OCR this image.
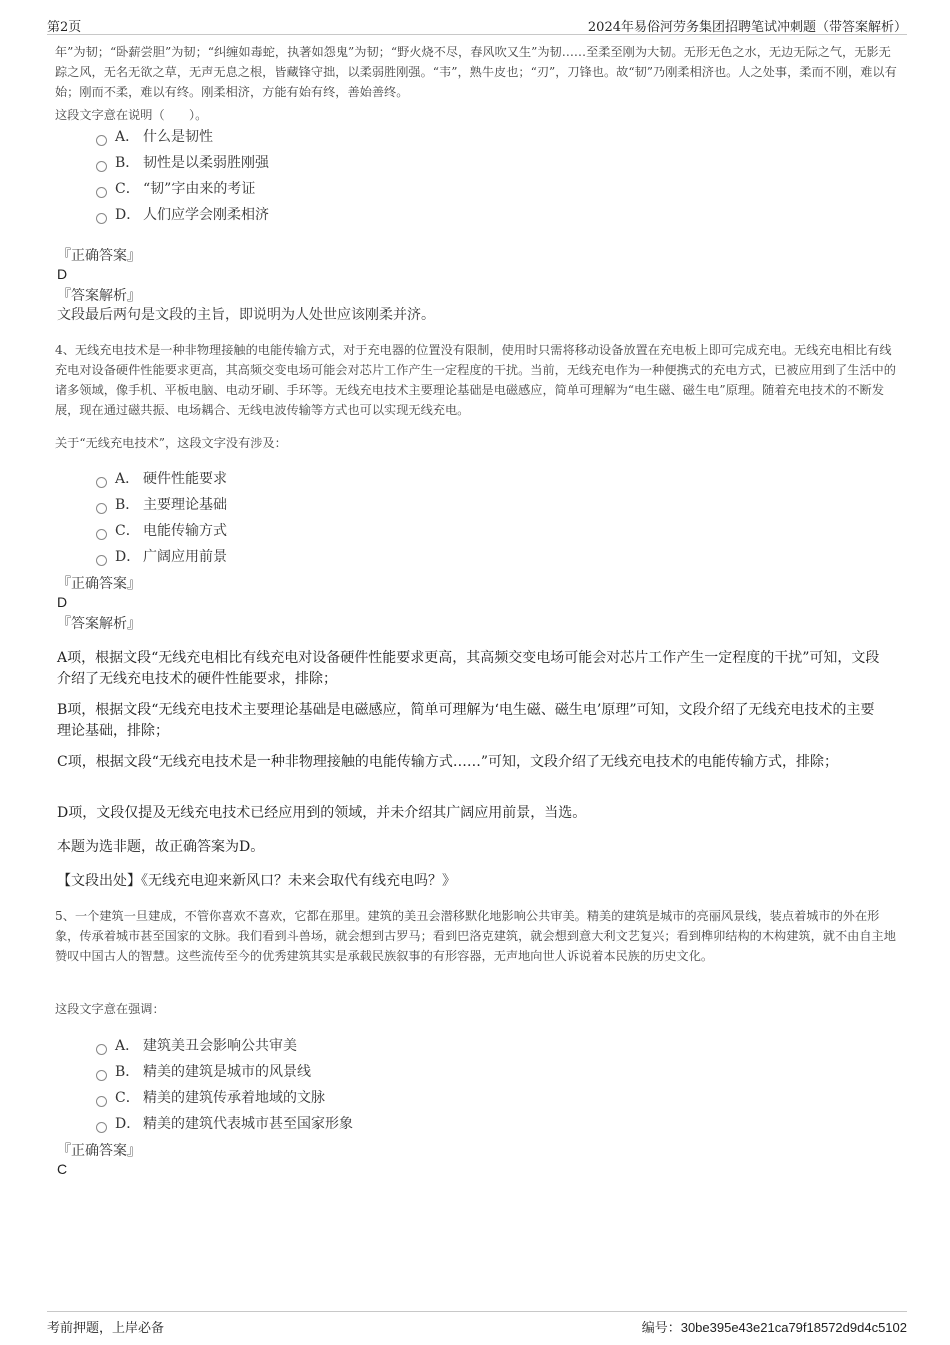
第2页	2024年易俗河劳务集团招聘笔试冲刺题（带答案解析）

年”为韧；“卧薪尝胆”为韧；“纠缠如毒蛇，执著如怨鬼”为韧；“野火烧不尽，春风吹又生”为韧……至柔至刚为大韧。无形无色之水，无边无际之气，无影无踪之风，无名无欲之草，无声无息之根，皆藏锋守拙，以柔弱胜刚强。“韦”，熟牛皮也；“刃”，刀锋也。故“韧”乃刚柔相济也。人之处事，柔而不刚，难以有始；刚而不柔，难以有终。刚柔相济，方能有始有终，善始善终。

这段文字意在说明（　　）。

A． 什么是韧性
B． 韧性是以柔弱胜刚强
C． “韧”字由来的考证
D． 人们应学会刚柔相济
『正确答案』
D
『答案解析』
文段最后两句是文段的主旨，即说明为人处世应该刚柔并济。

4、无线充电技术是一种非物理接触的电能传输方式，对于充电器的位置没有限制，使用时只需将移动设备放置在充电板上即可完成充电。无线充电相比有线充电对设备硬件性能要求更高，其高频交变电场可能会对芯片工作产生一定程度的干扰。当前，无线充电作为一种便携式的充电方式，已被应用到了生活中的诸多领域，像手机、平板电脑、电动牙刷、手环等。无线充电技术主要理论基础是电磁感应，简单可理解为“电生磁、磁生电”原理。随着充电技术的不断发展，现在通过磁共振、电场耦合、无线电波传输等方式也可以实现无线充电。

关于“无线充电技术”，这段文字没有涉及：

A． 硬件性能要求
B． 主要理论基础
C． 电能传输方式
D． 广阔应用前景
『正确答案』
D
『答案解析』

A项，根据文段“无线充电相比有线充电对设备硬件性能要求更高，其高频交变电场可能会对芯片工作产生一定程度的干扰”可知，文段介绍了无线充电技术的硬件性能要求，排除；

B项，根据文段“无线充电技术主要理论基础是电磁感应，简单可理解为‘电生磁、磁生电’原理”可知，文段介绍了无线充电技术的主要理论基础，排除；

C项，根据文段“无线充电技术是一种非物理接触的电能传输方式……”可知，文段介绍了无线充电技术的电能传输方式，排除；

D项，文段仅提及无线充电技术已经应用到的领域，并未介绍其广阔应用前景，当选。

本题为选非题，故正确答案为D。

【文段出处】《无线充电迎来新风口？未来会取代有线充电吗？》

5、一个建筑一旦建成，不管你喜欢不喜欢，它都在那里。建筑的美丑会潜移默化地影响公共审美。精美的建筑是城市的亮丽风景线，装点着城市的外在形象，传承着城市甚至国家的文脉。我们看到斗兽场，就会想到古罗马；看到巴洛克建筑，就会想到意大利文艺复兴；看到榫卯结构的木构建筑，就不由自主地赞叹中国古人的智慧。这些流传至今的优秀建筑其实是承载民族叙事的有形容器，无声地向世人诉说着本民族的历史文化。

这段文字意在强调：

A． 建筑美丑会影响公共审美
B． 精美的建筑是城市的风景线
C． 精美的建筑传承着地域的文脉
D． 精美的建筑代表城市甚至国家形象
『正确答案』
C
考前押题，上岸必备	编号：30be395e43e21ca79f18572d9d4c5102
